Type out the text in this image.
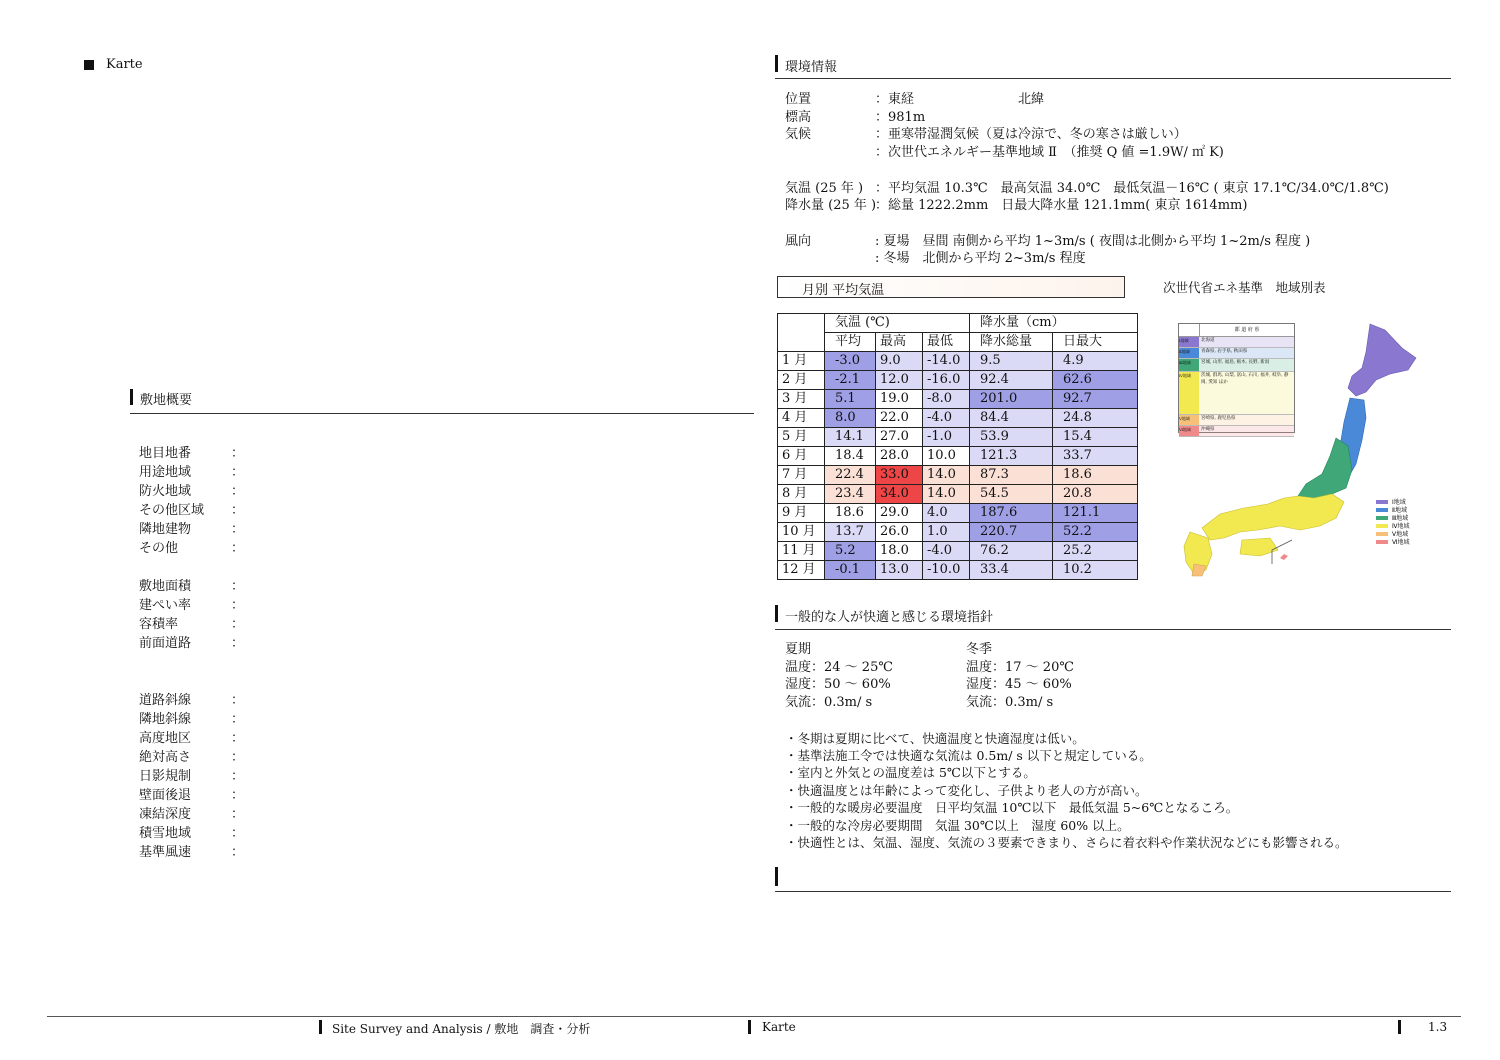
Karte
敷地概要
地目地番	：
用途地域	：
防火地域	：
その他区域 ：
隣地建物	：
その他	：
敷地面積	：
建ぺい率	：
容積率	：
前面道路	：
道路斜線	：
隣地斜線	：
高度地区	：
絶対高さ	：
日影規制	：
壁面後退	：
凍結深度	：
積雪地域	：
基準風速	：
環境情報
位置	：東経　　　　　　　　北緯
標高	：981m
気候	：亜寒帯湿潤気候（夏は冷涼で、冬の寒さは厳しい）
：次世代エネルギー基準地域 Ⅱ　（推奨 Q 値 =1.9W/ ㎡ K)
気温 (25 年 ) ：平均気温 10.3℃　最高気温 34.0℃　最低気温－16℃ ( 東京 17.1℃/34.0℃/1.8℃)
降水量 (25 年 )
：総量 1222.2mm　日最大降水量 121.1mm( 東京 1614mm)
風向	: 夏場　昼間 南側から平均 1~3m/s ( 夜間は北側から平均 1~2m/s 程度 )
: 冬場　北側から平均 2~3m/s 程度
月別 平均気温
	気温 (℃)			降水量（cm）	
	平均	最高	最低	降水総量	日最大
1 月	-3.0	9.0	-14.0	9.5	4.9
2 月	-2.1	12.0	-16.0	92.4	62.6
3 月	5.1	19.0	-8.0	201.0	92.7
4 月	8.0	22.0	-4.0	84.4	24.8
5 月	14.1	27.0	-1.0	53.9	15.4
6 月	18.4	28.0	10.0	121.3	33.7
7 月	22.4	33.0	14.0	87.3	18.6
8 月	23.4	34.0	14.0	54.5	20.8
9 月	18.6	29.0	4.0	187.6	121.1
10 月	13.7	26.0	1.0	220.7	52.2
11 月	5.2	18.0	-4.0	76.2	25.2
12 月	-0.1	13.0	-10.0	33.4	10.2
次世代省エネ基準　地域別表
都 道 府 県
Ⅰ地域	北海道
Ⅱ地域	青森県, 岩手県, 秋田県
Ⅲ地域	宮城, 山形, 福島, 栃木, 長野, 新潟
Ⅳ地域	茨城, 群馬, 山梨, 富山, 石川, 福井, 岐阜, 静岡, 愛知 ほか
Ⅴ地域	宮崎県, 鹿児島県
Ⅵ地域	沖縄県
Ⅰ地域
Ⅱ地域
Ⅲ地域
Ⅳ地域
Ⅴ地域
Ⅵ地域
一般的な人が快適と感じる環境指針
夏期
温度：24 ～ 25℃
湿度：50 ～ 60%
気流：0.3m/ s
冬季
温度：17 ～ 20℃
湿度：45 ～ 60%
気流：0.3m/ s
・冬期は夏期に比べて、快適温度と快適湿度は低い。
・基準法施工令では快適な気流は 0.5m/ s 以下と規定している。
・室内と外気との温度差は 5℃以下とする。
・快適温度とは年齢によって変化し、子供より老人の方が高い。
・一般的な暖房必要温度　日平均気温 10℃以下　最低気温 5~6℃となるころ。
・一般的な冷房必要期間　気温 30℃以上　湿度 60% 以上。
・快適性とは、気温、湿度、気流の３要素できまり、さらに着衣料や作業状況などにも影響される。
Site Survey and Analysis / 敷地　調査・分析	Karte	1.3
